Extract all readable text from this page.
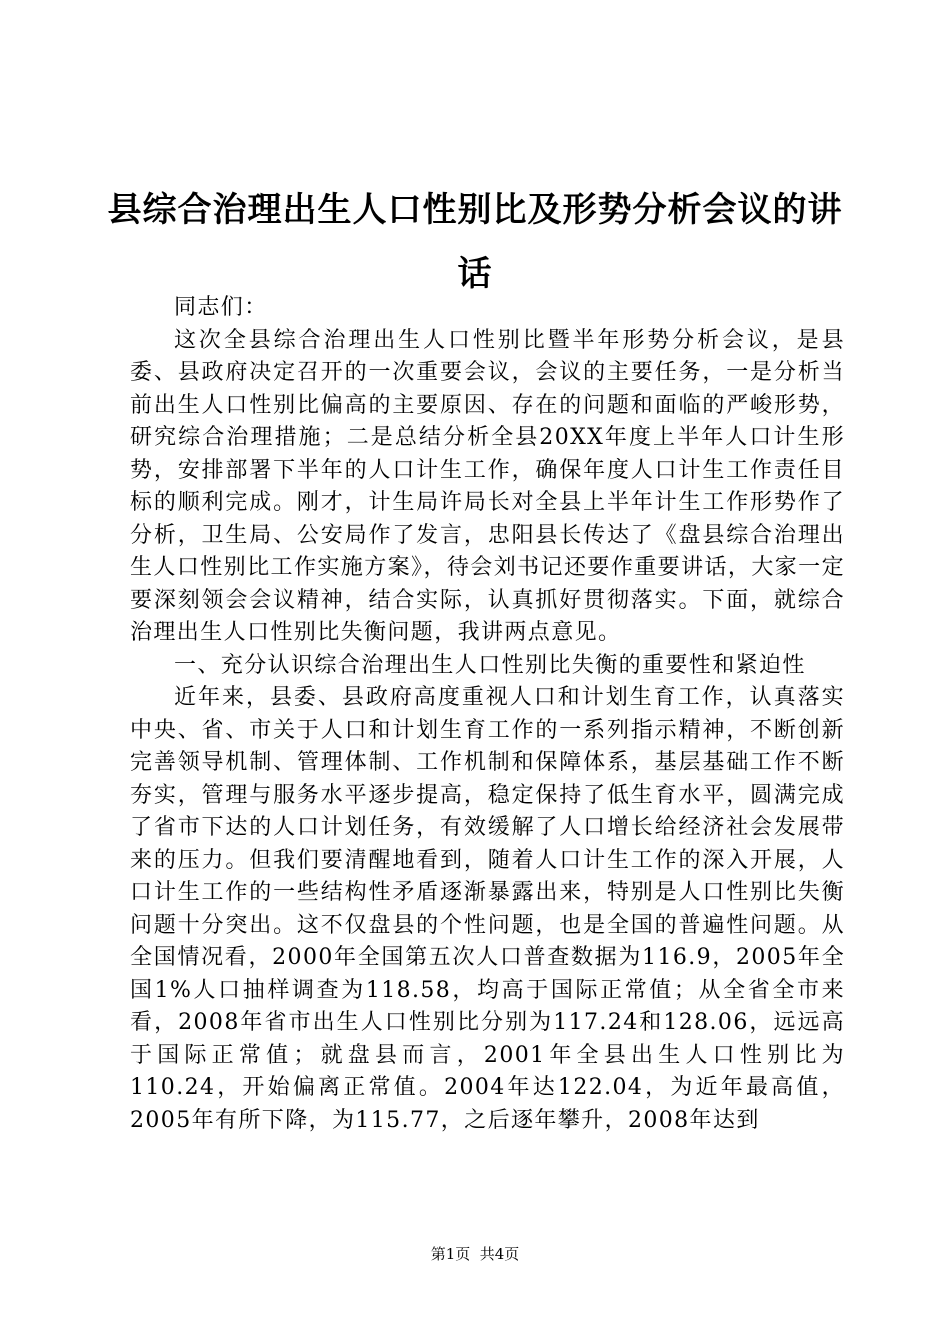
县综合治理出生人口性别比及形势分析会议的讲话

同志们：

这次全县综合治理出生人口性别比暨半年形势分析会议，是县委、县政府决定召开的一次重要会议，会议的主要任务，一是分析当前出生人口性别比偏高的主要原因、存在的问题和面临的严峻形势，研究综合治理措施；二是总结分析全县20XX年度上半年人口计生形势，安排部署下半年的人口计生工作，确保年度人口计生工作责任目标的顺利完成。刚才，计生局许局长对全县上半年计生工作形势作了分析，卫生局、公安局作了发言，忠阳县长传达了《盘县综合治理出生人口性别比工作实施方案》，待会刘书记还要作重要讲话，大家一定要深刻领会会议精神，结合实际，认真抓好贯彻落实。下面，就综合治理出生人口性别比失衡问题，我讲两点意见。

一、充分认识综合治理出生人口性别比失衡的重要性和紧迫性

近年来，县委、县政府高度重视人口和计划生育工作，认真落实中央、省、市关于人口和计划生育工作的一系列指示精神，不断创新完善领导机制、管理体制、工作机制和保障体系，基层基础工作不断夯实，管理与服务水平逐步提高，稳定保持了低生育水平，圆满完成了省市下达的人口计划任务，有效缓解了人口增长给经济社会发展带来的压力。但我们要清醒地看到，随着人口计生工作的深入开展，人口计生工作的一些结构性矛盾逐渐暴露出来，特别是人口性别比失衡问题十分突出。这不仅盘县的个性问题，也是全国的普遍性问题。从全国情况看，2000年全国第五次人口普查数据为116.9，2005年全国1%人口抽样调查为118.58，均高于国际正常值；从全省全市来看，2008年省市出生人口性别比分别为117.24和128.06，远远高于国际正常值；就盘县而言，2001年全县出生人口性别比为110.24，开始偏离正常值。2004年达122.04，为近年最高值，2005年有所下降，为115.77，之后逐年攀升，2008年达到

第1页  共4页
